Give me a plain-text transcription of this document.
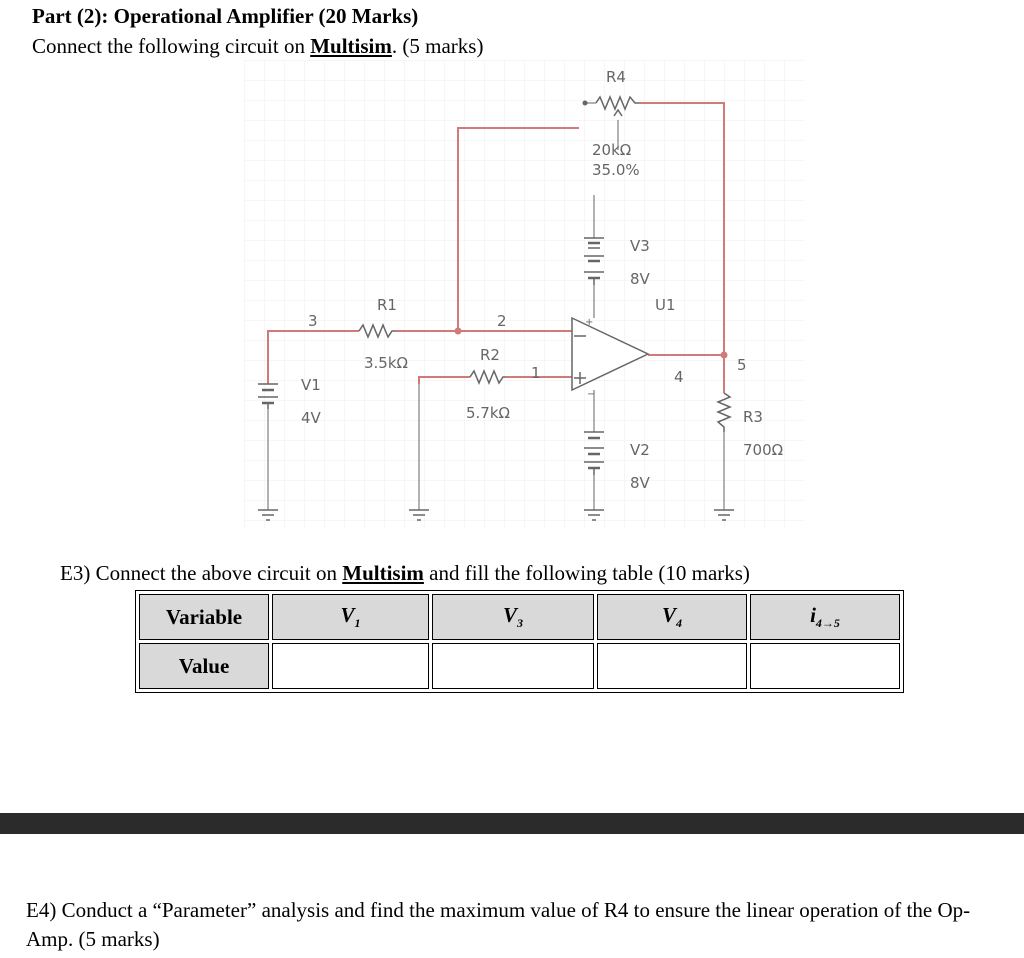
Part (2): Operational Amplifier (20 Marks)
Connect the following circuit on Multisim. (5 marks)
+
−
R4
20kΩ
35.0%
V3
8V
U1
R1
3.5kΩ
3	2
R2
1
5.7kΩ
V1
4V
4
5
R3
700Ω
V2
8V
E3) Connect the above circuit on Multisim and fill the following table (10 marks)
Variable	$V_1$	$V_3$	$V_4$	$i_{4\to 5}$
Value				
E4) Conduct a “Parameter” analysis and find the maximum value of R4 to ensure the linear operation of the Op-Amp. (5 marks)
